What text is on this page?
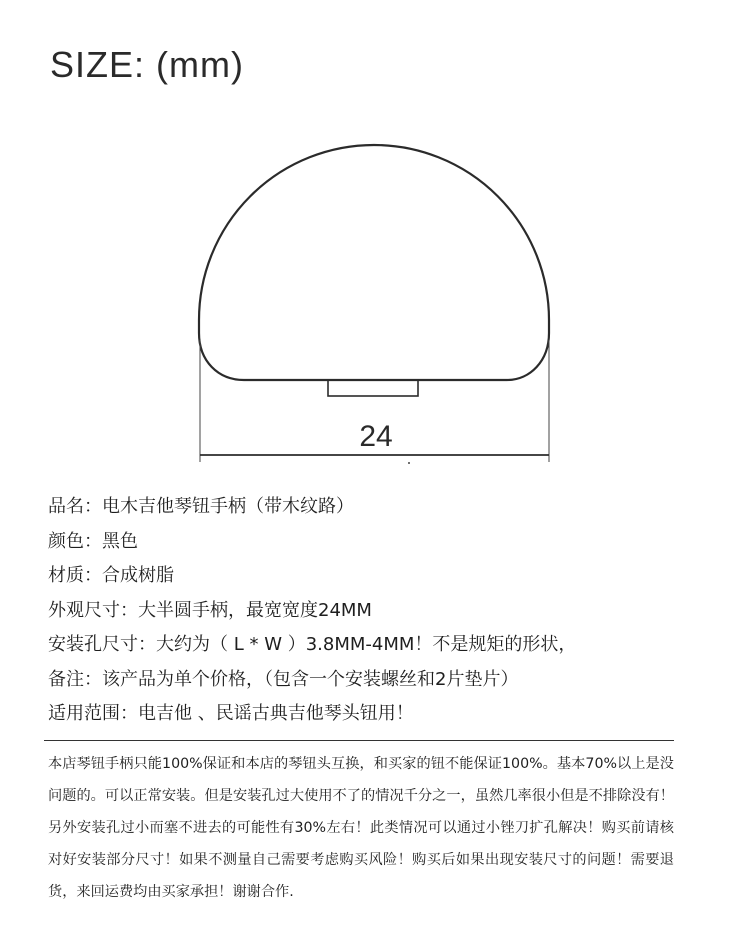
SIZE: (mm)
24
品名：电木吉他琴钮手柄（带木纹路）
颜色：黑色
材质：合成树脂
外观尺寸：大半圆手柄，最宽宽度24MM
安装孔尺寸：大约为（ L * W ）3.8MM-4MM！不是规矩的形状，
备注：该产品为单个价格，（包含一个安装螺丝和2片垫片）
适用范围：电吉他 、民谣古典吉他琴头钮用！
本店琴钮手柄只能100%保证和本店的琴钮头互换，和买家的钮不能保证100%。基本70%以上是没问题的。可以正常安装。但是安装孔过大使用不了的情况千分之一，虽然几率很小但是不排除没有！另外安装孔过小而塞不进去的可能性有30%左右！此类情况可以通过小锉刀扩孔解决！购买前请核对好安装部分尺寸！如果不测量自己需要考虑购买风险！购买后如果出现安装尺寸的问题！需要退货，来回运费均由买家承担！谢谢合作.
